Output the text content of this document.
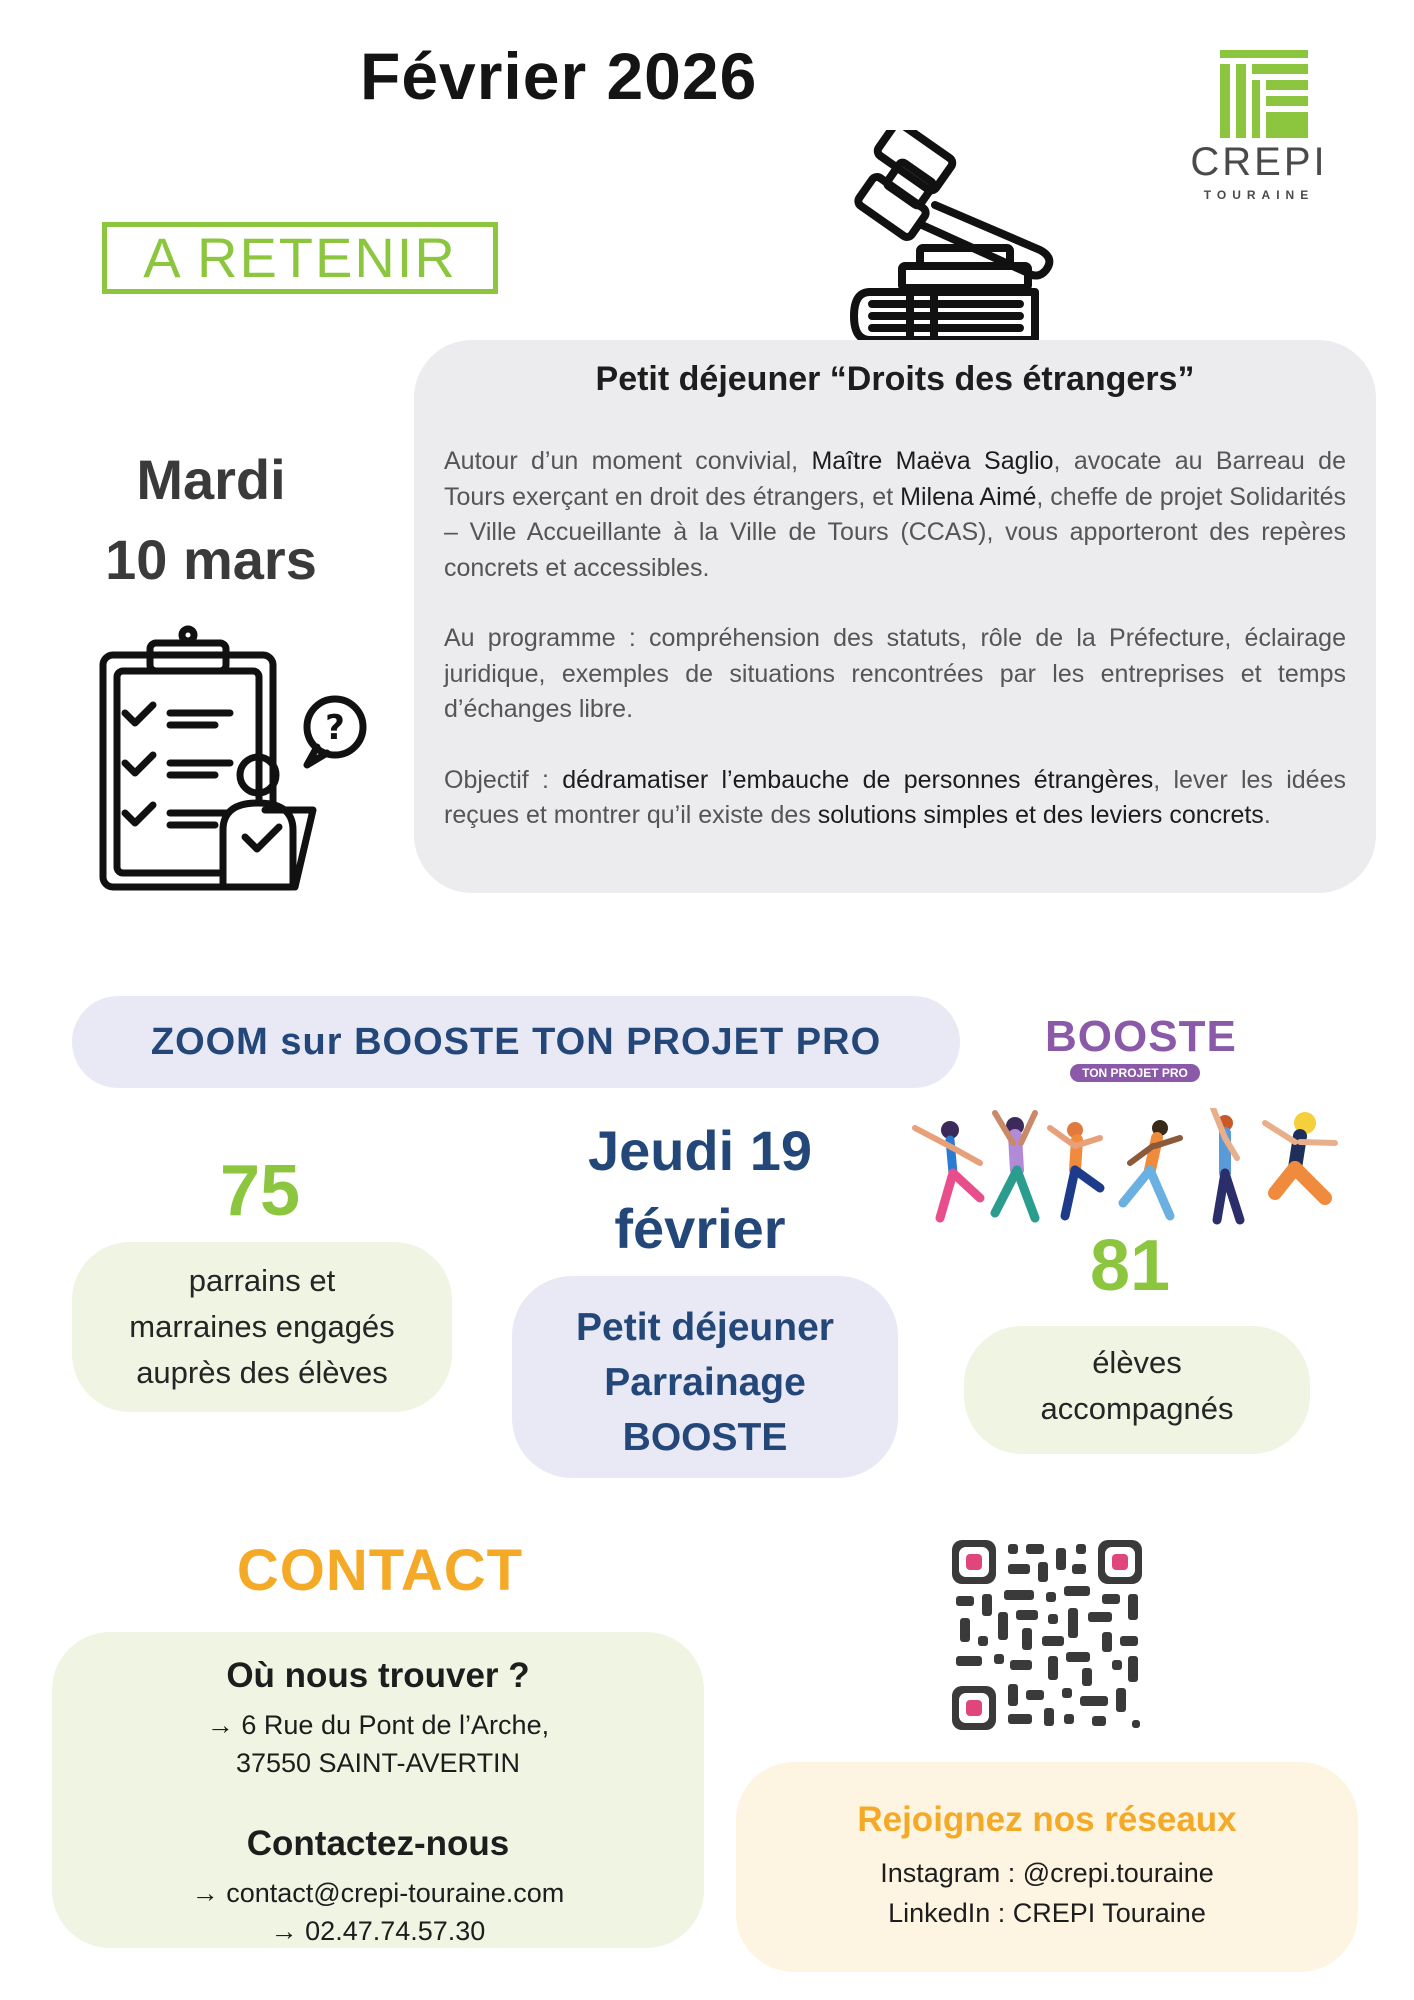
Février 2026
CREPI
TOURAINE
A RETENIR
Mardi
10 mars
?
Petit déjeuner “Droits des étrangers”

Autour d’un moment convivial, Maître Maëva Saglio, avocate au Barreau de Tours exerçant en droit des étrangers, et Milena Aimé, cheffe de projet Solidarités – Ville Accueillante à la Ville de Tours (CCAS), vous apporteront des repères concrets et accessibles.

Au programme : compréhension des statuts, rôle de la Préfecture, éclairage juridique, exemples de situations rencontrées par les entreprises et temps d’échanges libre.

Objectif : dédramatiser l’embauche de personnes étrangères, lever les idées reçues et montrer qu’il existe des solutions simples et des leviers concrets.

ZOOM sur BOOSTE TON PROJET PRO	BOOSTE
TON PROJET PRO
75
parrains et
marraines engagés
auprès des élèves
Jeudi 19
février
Petit déjeuner
Parrainage
BOOSTE
81
élèves
accompagnés
CONTACT
Où nous trouver ?
→ 6 Rue du Pont de l’Arche,
37550 SAINT-AVERTIN
Contactez-nous
→ contact@crepi-touraine.com
→ 02.47.74.57.30
Rejoignez nos réseaux
Instagram : @crepi.touraine
LinkedIn : CREPI Touraine
